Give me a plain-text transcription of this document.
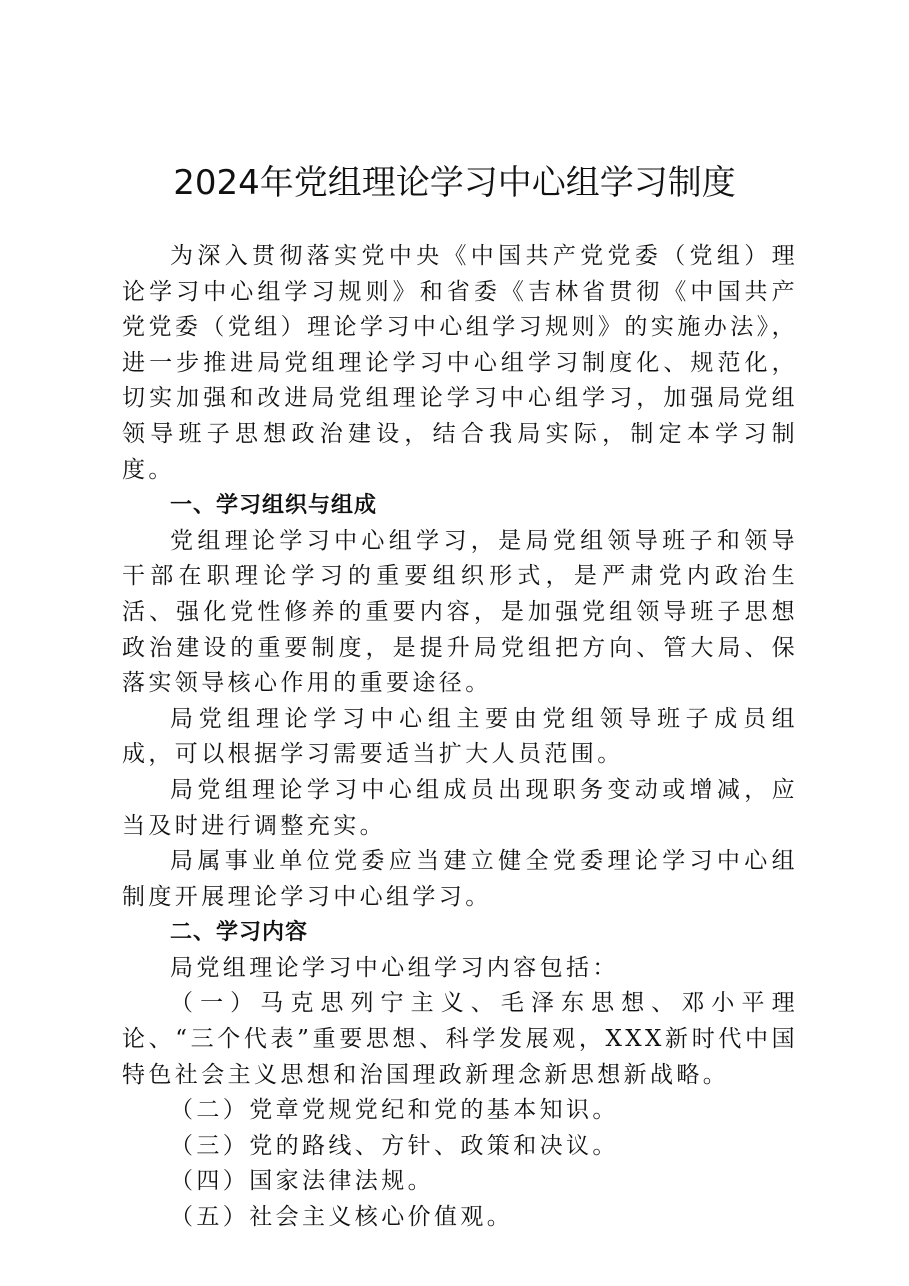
2024年党组理论学习中心组学习制度

为深入贯彻落实党中央《中国共产党党委（党组）理论学习中心组学习规则》和省委《吉林省贯彻《中国共产党党委（党组）理论学习中心组学习规则》的实施办法》，进一步推进局党组理论学习中心组学习制度化、规范化，切实加强和改进局党组理论学习中心组学习，加强局党组领导班子思想政治建设，结合我局实际，制定本学习制度。

一、学习组织与组成

党组理论学习中心组学习，是局党组领导班子和领导干部在职理论学习的重要组织形式，是严肃党内政治生活、强化党性修养的重要内容，是加强党组领导班子思想政治建设的重要制度，是提升局党组把方向、管大局、保落实领导核心作用的重要途径。

局党组理论学习中心组主要由党组领导班子成员组成，可以根据学习需要适当扩大人员范围。

局党组理论学习中心组成员出现职务变动或增减，应当及时进行调整充实。

局属事业单位党委应当建立健全党委理论学习中心组制度开展理论学习中心组学习。

二、学习内容

局党组理论学习中心组学习内容包括：

（一）马克思列宁主义、毛泽东思想、邓小平理论、“三个代表”重要思想、科学发展观，XXX新时代中国特色社会主义思想和治国理政新理念新思想新战略。

（二）党章党规党纪和党的基本知识。

（三）党的路线、方针、政策和决议。

（四）国家法律法规。

（五）社会主义核心价值观。
